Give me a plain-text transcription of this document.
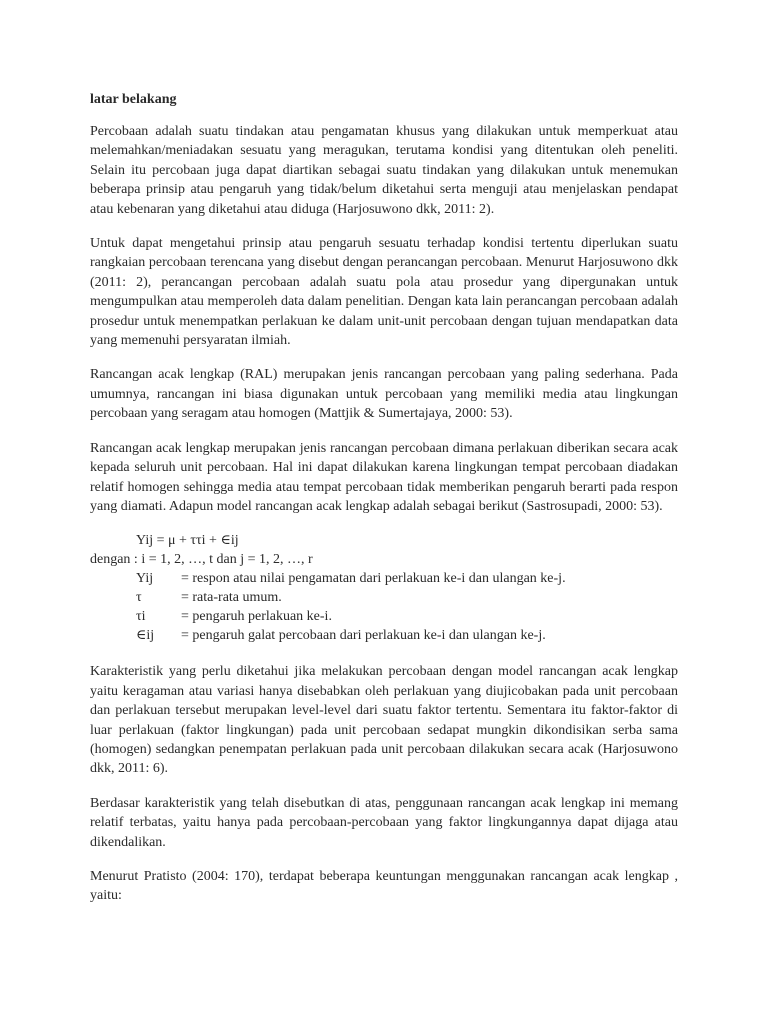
latar belakang

Percobaan adalah suatu tindakan atau pengamatan khusus yang dilakukan untuk memperkuat atau melemahkan/meniadakan sesuatu yang meragukan, terutama kondisi yang ditentukan oleh peneliti. Selain itu percobaan juga dapat diartikan sebagai suatu tindakan yang dilakukan untuk menemukan beberapa prinsip atau pengaruh yang tidak/belum diketahui serta menguji atau menjelaskan pendapat atau kebenaran yang diketahui atau diduga (Harjosuwono dkk, 2011: 2).

Untuk dapat mengetahui prinsip atau pengaruh sesuatu terhadap kondisi tertentu diperlukan suatu rangkaian percobaan terencana yang disebut dengan perancangan percobaan. Menurut Harjosuwono dkk (2011: 2), perancangan percobaan adalah suatu pola atau prosedur yang dipergunakan untuk mengumpulkan atau memperoleh data dalam penelitian. Dengan kata lain perancangan percobaan adalah prosedur untuk menempatkan perlakuan ke dalam unit-unit percobaan dengan tujuan mendapatkan data yang memenuhi persyaratan ilmiah.

Rancangan acak lengkap (RAL) merupakan jenis rancangan percobaan yang paling sederhana. Pada umumnya, rancangan ini biasa digunakan untuk percobaan yang memiliki media atau lingkungan percobaan yang seragam atau homogen (Mattjik & Sumertajaya, 2000: 53).

Rancangan acak lengkap merupakan jenis rancangan percobaan dimana perlakuan diberikan secara acak kepada seluruh unit percobaan. Hal ini dapat dilakukan karena lingkungan tempat percobaan diadakan relatif homogen sehingga media atau tempat percobaan tidak memberikan pengaruh berarti pada respon yang diamati. Adapun model rancangan acak lengkap adalah sebagai berikut (Sastrosupadi, 2000: 53).

Yij = μ + ττi + ∈ij
dengan : i = 1, 2, …, t dan j = 1, 2, …, r
Yij	= respon atau nilai pengamatan dari perlakuan ke-i dan ulangan ke-j.
τ	= rata-rata umum.
τi	= pengaruh perlakuan ke-i.
∈ij	= pengaruh galat percobaan dari perlakuan ke-i dan ulangan ke-j.

Karakteristik yang perlu diketahui jika melakukan percobaan dengan model rancangan acak lengkap yaitu keragaman atau variasi hanya disebabkan oleh perlakuan yang diujicobakan pada unit percobaan dan perlakuan tersebut merupakan level-level dari suatu faktor tertentu. Sementara itu faktor-faktor di luar perlakuan (faktor lingkungan) pada unit percobaan sedapat mungkin dikondisikan serba sama (homogen) sedangkan penempatan perlakuan pada unit percobaan dilakukan secara acak (Harjosuwono dkk, 2011: 6).

Berdasar karakteristik yang telah disebutkan di atas, penggunaan rancangan acak lengkap ini memang relatif terbatas, yaitu hanya pada percobaan-percobaan yang faktor lingkungannya dapat dijaga atau dikendalikan.

Menurut Pratisto (2004: 170), terdapat beberapa keuntungan menggunakan rancangan acak lengkap , yaitu:
